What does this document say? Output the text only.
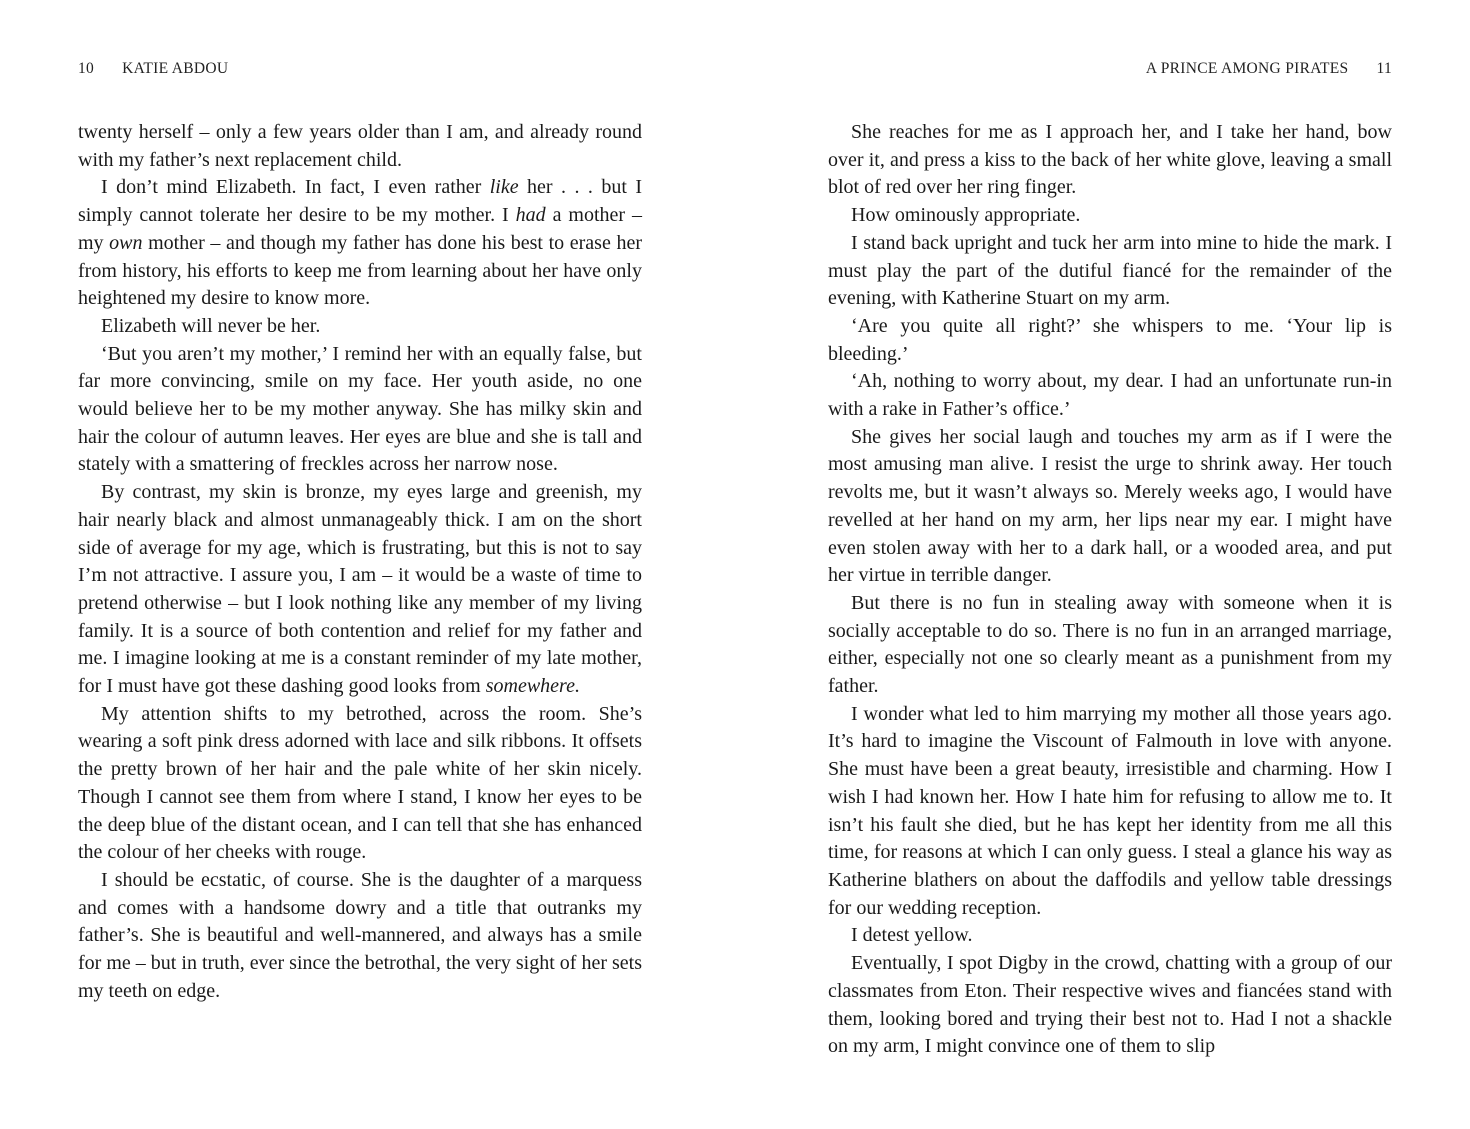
10 KATIE ABDOU

twenty herself – only a few years older than I am, and already round with my father’s next replacement child.

I don’t mind Elizabeth. In fact, I even rather like her . . . but I simply cannot tolerate her desire to be my mother. I had a mother – my own mother – and though my father has done his best to erase her from history, his efforts to keep me from learning about her have only heightened my desire to know more.

Elizabeth will never be her.

‘But you aren’t my mother,’ I remind her with an equally false, but far more convincing, smile on my face. Her youth aside, no one would believe her to be my mother anyway. She has milky skin and hair the colour of autumn leaves. Her eyes are blue and she is tall and stately with a smattering of freckles across her narrow nose.

By contrast, my skin is bronze, my eyes large and greenish, my hair nearly black and almost unmanageably thick. I am on the short side of average for my age, which is frustrating, but this is not to say I’m not attractive. I assure you, I am – it would be a waste of time to pretend otherwise – but I look nothing like any member of my living family. It is a source of both contention and relief for my father and me. I imagine looking at me is a constant reminder of my late mother, for I must have got these dashing good looks from somewhere.

My attention shifts to my betrothed, across the room. She’s wearing a soft pink dress adorned with lace and silk ribbons. It offsets the pretty brown of her hair and the pale white of her skin nicely. Though I cannot see them from where I stand, I know her eyes to be the deep blue of the distant ocean, and I can tell that she has enhanced the colour of her cheeks with rouge.

I should be ecstatic, of course. She is the daughter of a marquess and comes with a handsome dowry and a title that outranks my father’s. She is beautiful and well-mannered, and always has a smile for me – but in truth, ever since the betrothal, the very sight of her sets my teeth on edge.

A PRINCE AMONG PIRATES 11

She reaches for me as I approach her, and I take her hand, bow over it, and press a kiss to the back of her white glove, leaving a small blot of red over her ring finger.

How ominously appropriate.

I stand back upright and tuck her arm into mine to hide the mark. I must play the part of the dutiful fiancé for the remainder of the evening, with Katherine Stuart on my arm.

‘Are you quite all right?’ she whispers to me. ‘Your lip is bleeding.’

‘Ah, nothing to worry about, my dear. I had an unfortunate run-in with a rake in Father’s office.’

She gives her social laugh and touches my arm as if I were the most amusing man alive. I resist the urge to shrink away. Her touch revolts me, but it wasn’t always so. Merely weeks ago, I would have revelled at her hand on my arm, her lips near my ear. I might have even stolen away with her to a dark hall, or a wooded area, and put her virtue in terrible danger.

But there is no fun in stealing away with someone when it is socially acceptable to do so. There is no fun in an arranged marriage, either, especially not one so clearly meant as a punishment from my father.

I wonder what led to him marrying my mother all those years ago. It’s hard to imagine the Viscount of Falmouth in love with anyone. She must have been a great beauty, irresistible and charming. How I wish I had known her. How I hate him for refusing to allow me to. It isn’t his fault she died, but he has kept her identity from me all this time, for reasons at which I can only guess. I steal a glance his way as Katherine blathers on about the daffodils and yellow table dressings for our wedding reception.

I detest yellow.

Eventually, I spot Digby in the crowd, chatting with a group of our classmates from Eton. Their respective wives and fiancées stand with them, looking bored and trying their best not to. Had I not a shackle on my arm, I might convince one of them to slip
